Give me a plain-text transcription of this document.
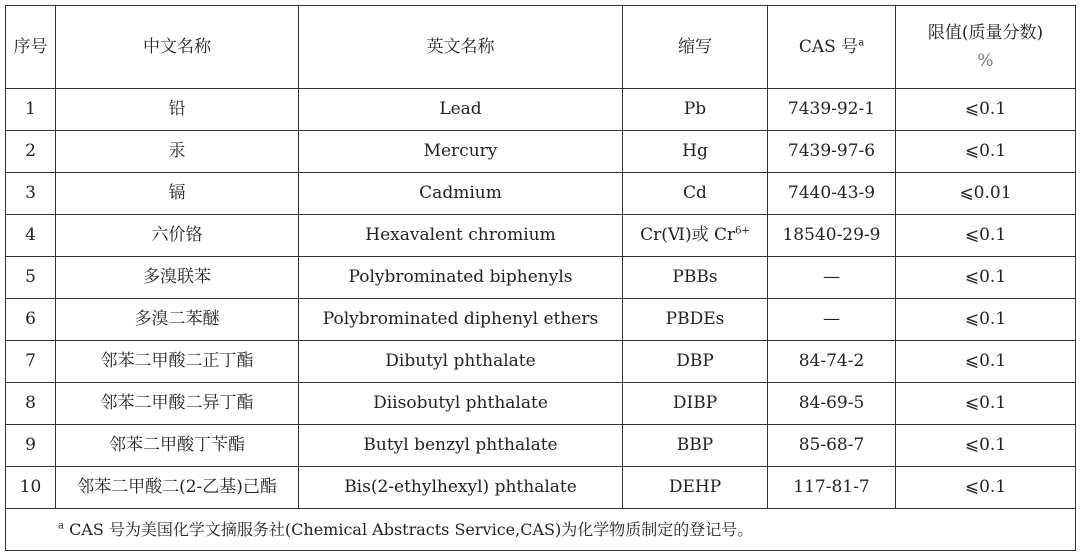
序号	中文名称	英文名称	缩写	CAS 号$^a$	限值(质量分数)
%

1	铅	Lead	Pb	7439-92-1	⩽0.1
2	汞	Mercury	Hg	7439-97-6	⩽0.1
3	镉	Cadmium	Cd	7440-43-9	⩽0.01
4	六价铬	Hexavalent chromium	Cr(Ⅵ)或 $Cr^{6+}$	18540-29-9	⩽0.1
5	多溴联苯	Polybrominated biphenyls	PBBs	—	⩽0.1
6	多溴二苯醚	Polybrominated diphenyl ethers	PBDEs	—	⩽0.1
7	邻苯二甲酸二正丁酯	Dibutyl phthalate	DBP	84-74-2	⩽0.1
8	邻苯二甲酸二异丁酯	Diisobutyl phthalate	DIBP	84-69-5	⩽0.1
9	邻苯二甲酸丁苄酯	Butyl benzyl phthalate	BBP	85-68-7	⩽0.1
10	邻苯二甲酸二(2-乙基)己酯	Bis(2-ethylhexyl) phthalate	DEHP	117-81-7	⩽0.1
$^a$ CAS 号为美国化学文摘服务社(Chemical Abstracts Service,CAS)为化学物质制定的登记号。					
